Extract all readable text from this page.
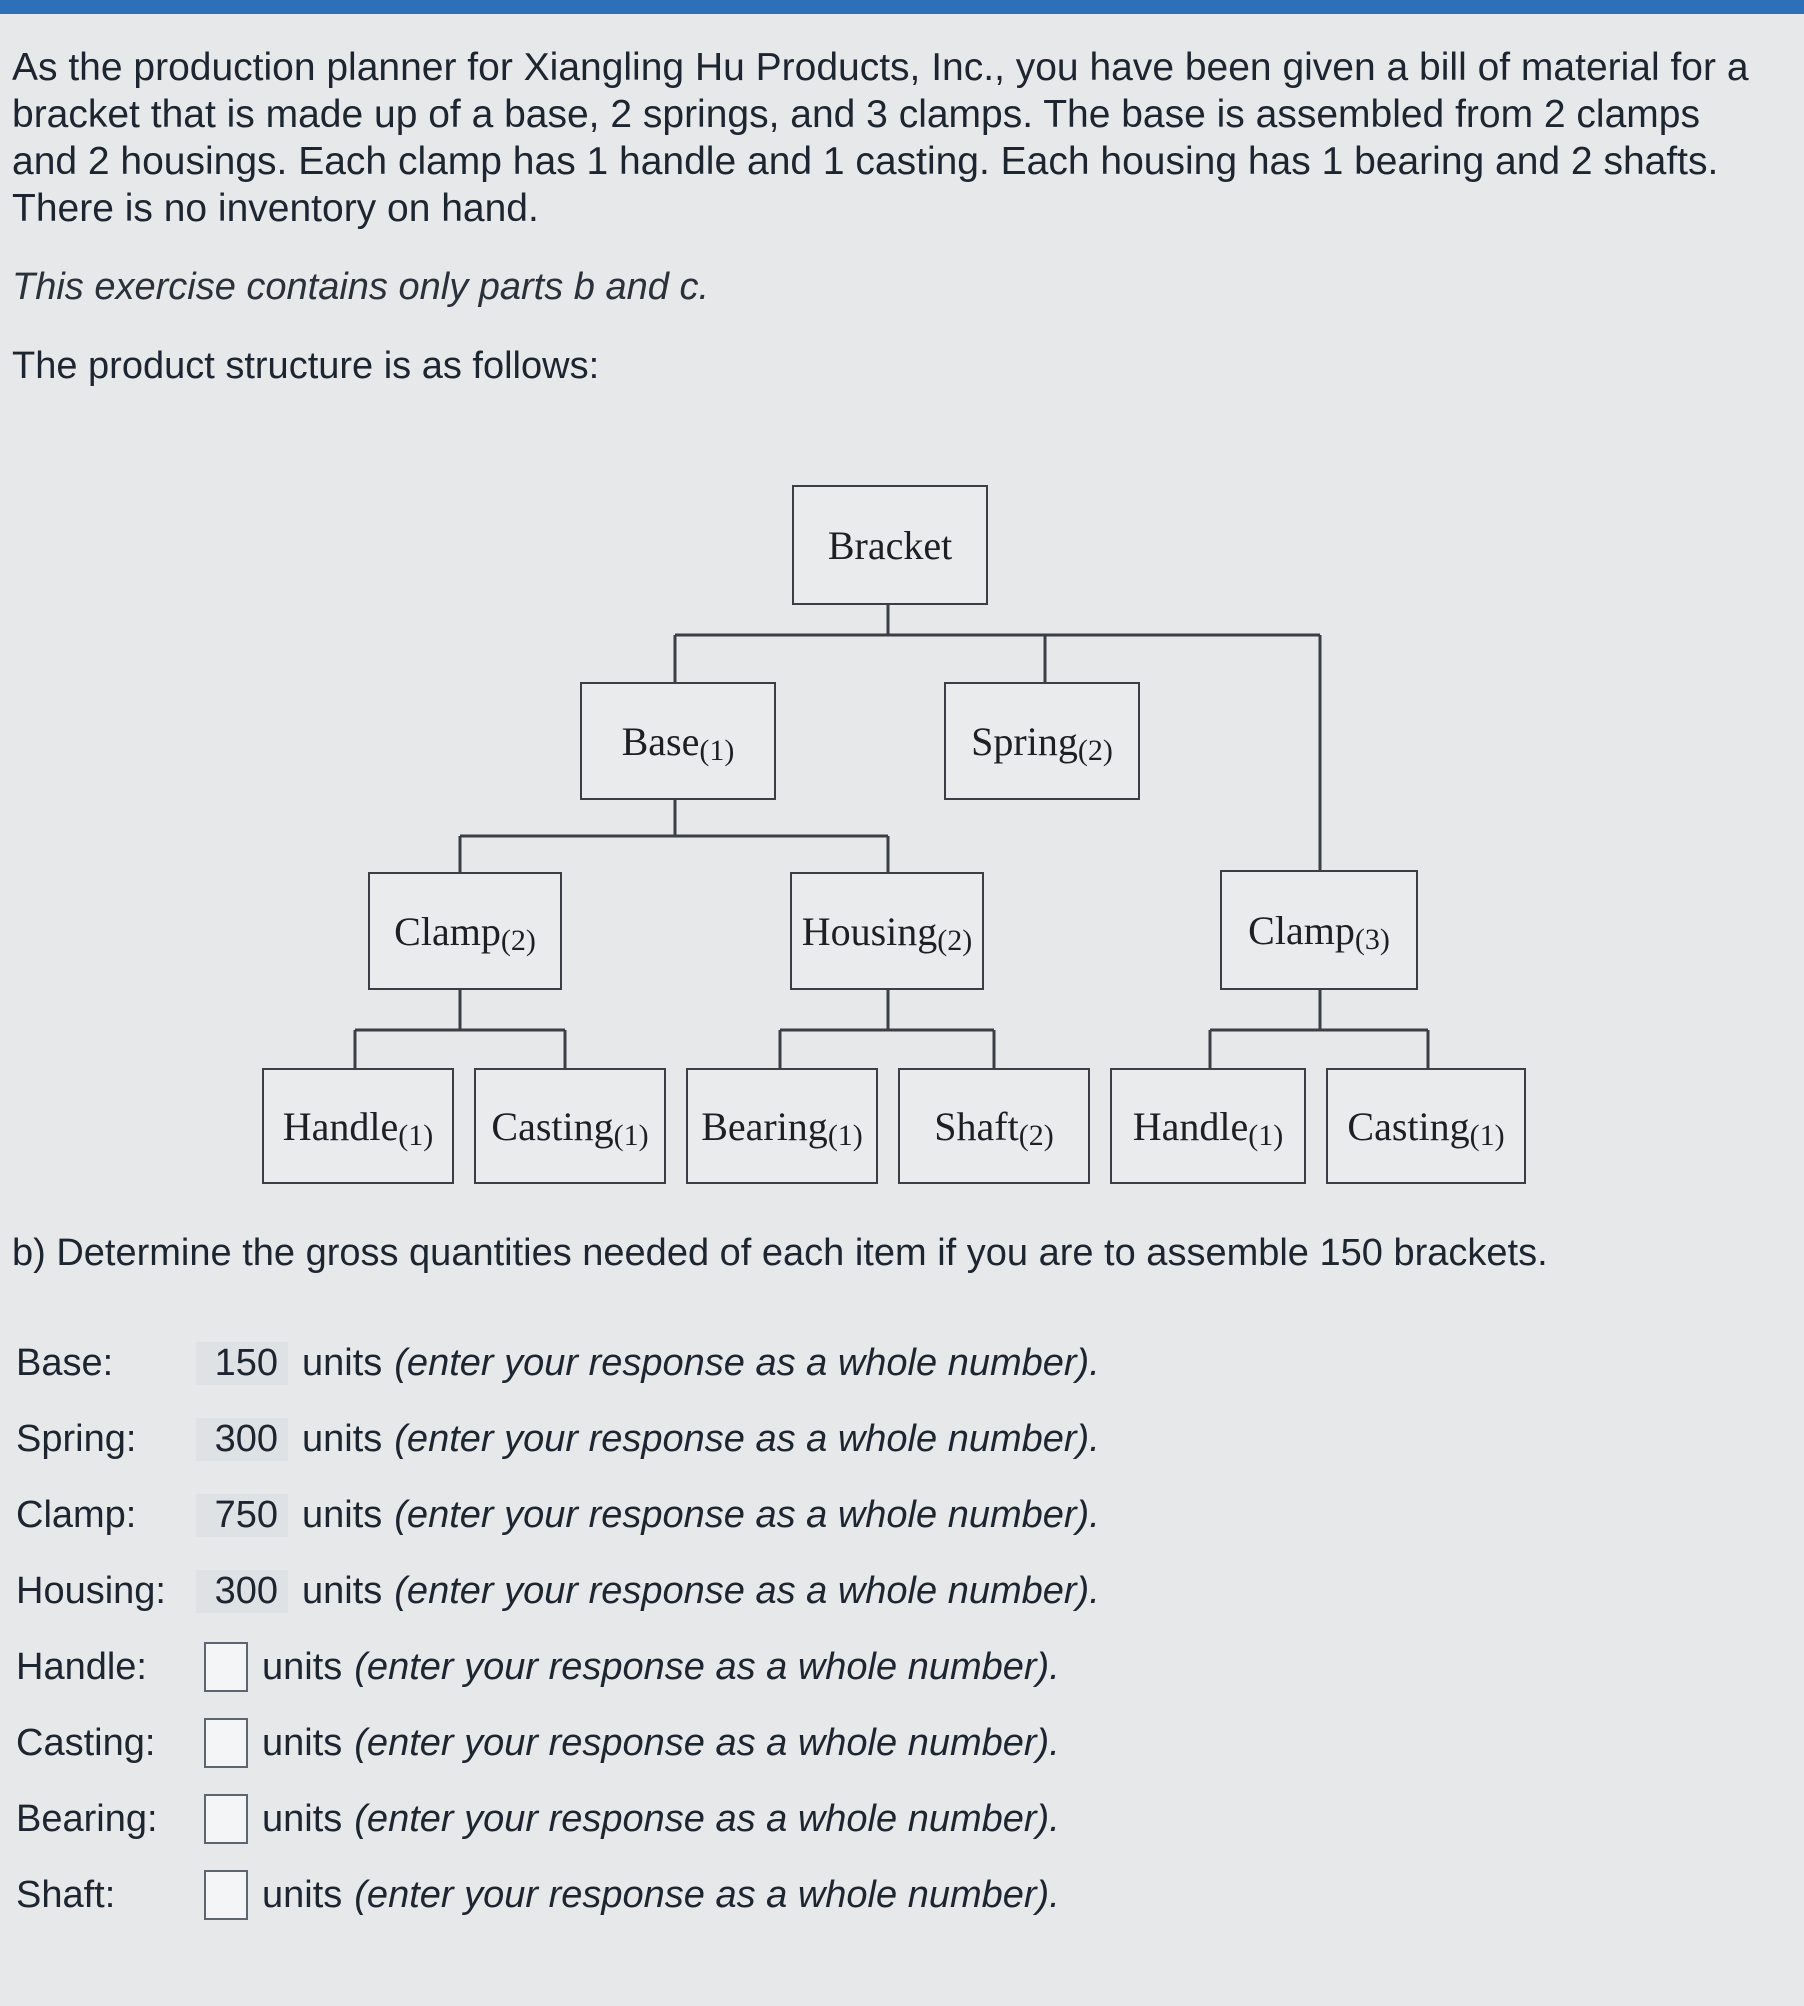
As the production planner for Xiangling Hu Products, Inc., you have been given a bill of material for a bracket that is made up of a base, 2 springs, and 3 clamps. The base is assembled from 2 clamps and 2 housings. Each clamp has 1 handle and 1 casting. Each housing has 1 bearing and 2 shafts. There is no inventory on hand.

This exercise contains only parts b and c.

The product structure is as follows:

Bracket
Base (1)	Spring (2)
Clamp (2)	Housing (2)	Clamp (3)
Handle (1) Casting (1) Bearing (1) Shaft (2) Handle (1) Casting (1)
b) Determine the gross quantities needed of each item if you are to assemble 150 brackets.
Base:	150 units (enter your response as a whole number).
Spring:	300 units (enter your response as a whole number).
Clamp:	750 units (enter your response as a whole number).
Housing:	300 units (enter your response as a whole number).
Handle:	units (enter your response as a whole number).
Casting:	units (enter your response as a whole number).
Bearing:	units (enter your response as a whole number).
Shaft:	units (enter your response as a whole number).
